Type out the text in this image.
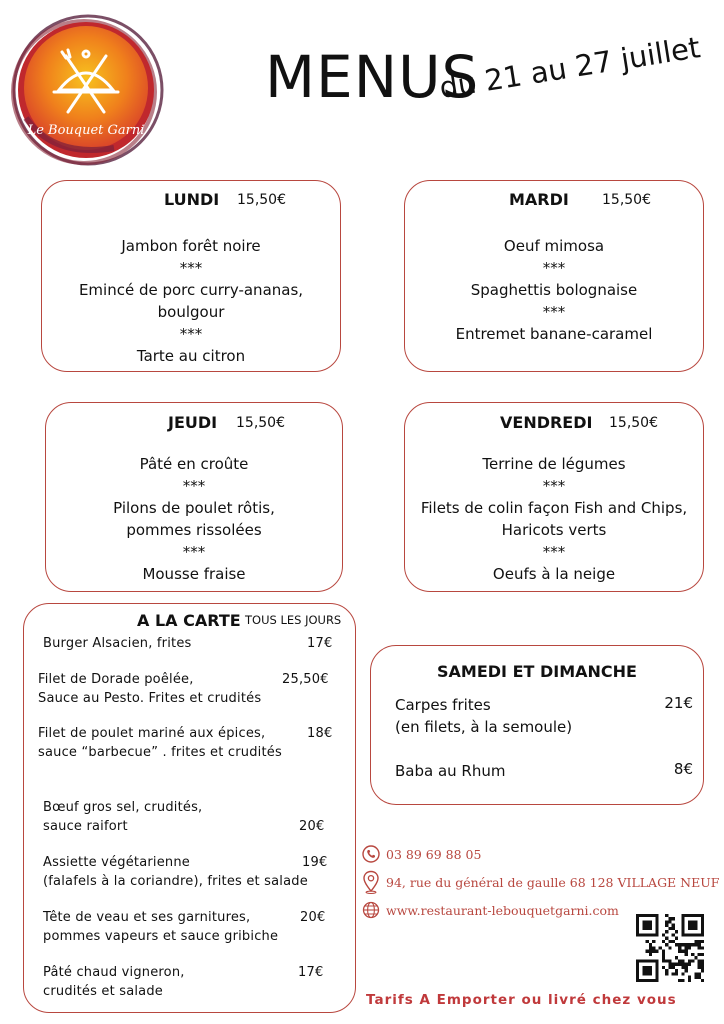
Le Bouquet Garni
MENUS
du 21 au 27 juillet
LUNDI 15,50€
Jambon forêt noire
***
Emincé de porc curry-ananas,
boulgour
***
Tarte au citron
MARDI 15,50€
Oeuf mimosa
***
Spaghettis bolognaise
***
Entremet banane-caramel
JEUDI 15,50€
Pâté en croûte
***
Pilons de poulet rôtis,
pommes rissolées
***
Mousse fraise
VENDREDI 15,50€
Terrine de légumes
***
Filets de colin façon Fish and Chips,
Haricots verts
***
Oeufs à la neige
A LA CARTE TOUS LES JOURS
Burger Alsacien, frites	17€
Filet de Dorade poêlée,
Sauce au Pesto. Frites et crudités
25,50€
Filet de poulet mariné aux épices,
sauce “barbecue” . frites et crudités
18€
Bœuf gros sel, crudités,
sauce raifort	20€
Assiette végétarienne
(falafels à la coriandre), frites et salade
19€
Tête de veau et ses garnitures,
pommes vapeurs et sauce gribiche
20€
Pâté chaud vigneron,
crudités et salade
17€
SAMEDI ET DIMANCHE
Carpes frites
(en filets, à la semoule)
21€
Baba au Rhum	8€
03 89 69 88 05
94, rue du général de gaulle 68 128 VILLAGE NEUF
www.restaurant-lebouquetgarni.com
Tarifs A Emporter ou livré chez vous
